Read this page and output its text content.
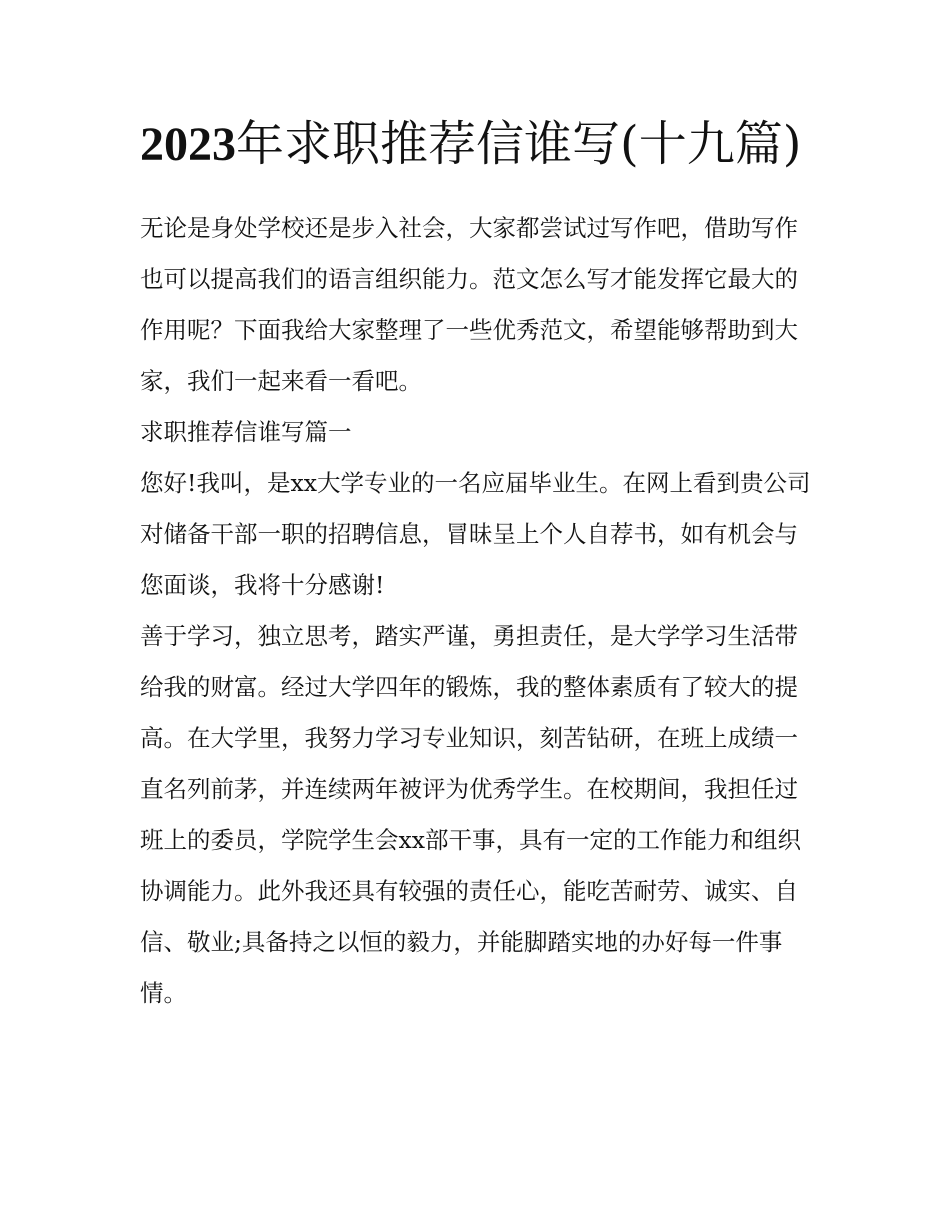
2023年求职推荐信谁写(十九篇)

无论是身处学校还是步入社会，大家都尝试过写作吧，借助写作也可以提高我们的语言组织能力。范文怎么写才能发挥它最大的作用呢？下面我给大家整理了一些优秀范文，希望能够帮助到大家，我们一起来看一看吧。

求职推荐信谁写篇一

您好!我叫，是xx大学专业的一名应届毕业生。在网上看到贵公司对储备干部一职的招聘信息，冒昧呈上个人自荐书，如有机会与您面谈，我将十分感谢!

善于学习，独立思考，踏实严谨，勇担责任，是大学学习生活带给我的财富。经过大学四年的锻炼，我的整体素质有了较大的提高。在大学里，我努力学习专业知识，刻苦钻研，在班上成绩一直名列前茅，并连续两年被评为优秀学生。在校期间，我担任过班上的委员，学院学生会xx部干事，具有一定的工作能力和组织协调能力。此外我还具有较强的责任心，能吃苦耐劳、诚实、自信、敬业;具备持之以恒的毅力，并能脚踏实地的办好每一件事情。
